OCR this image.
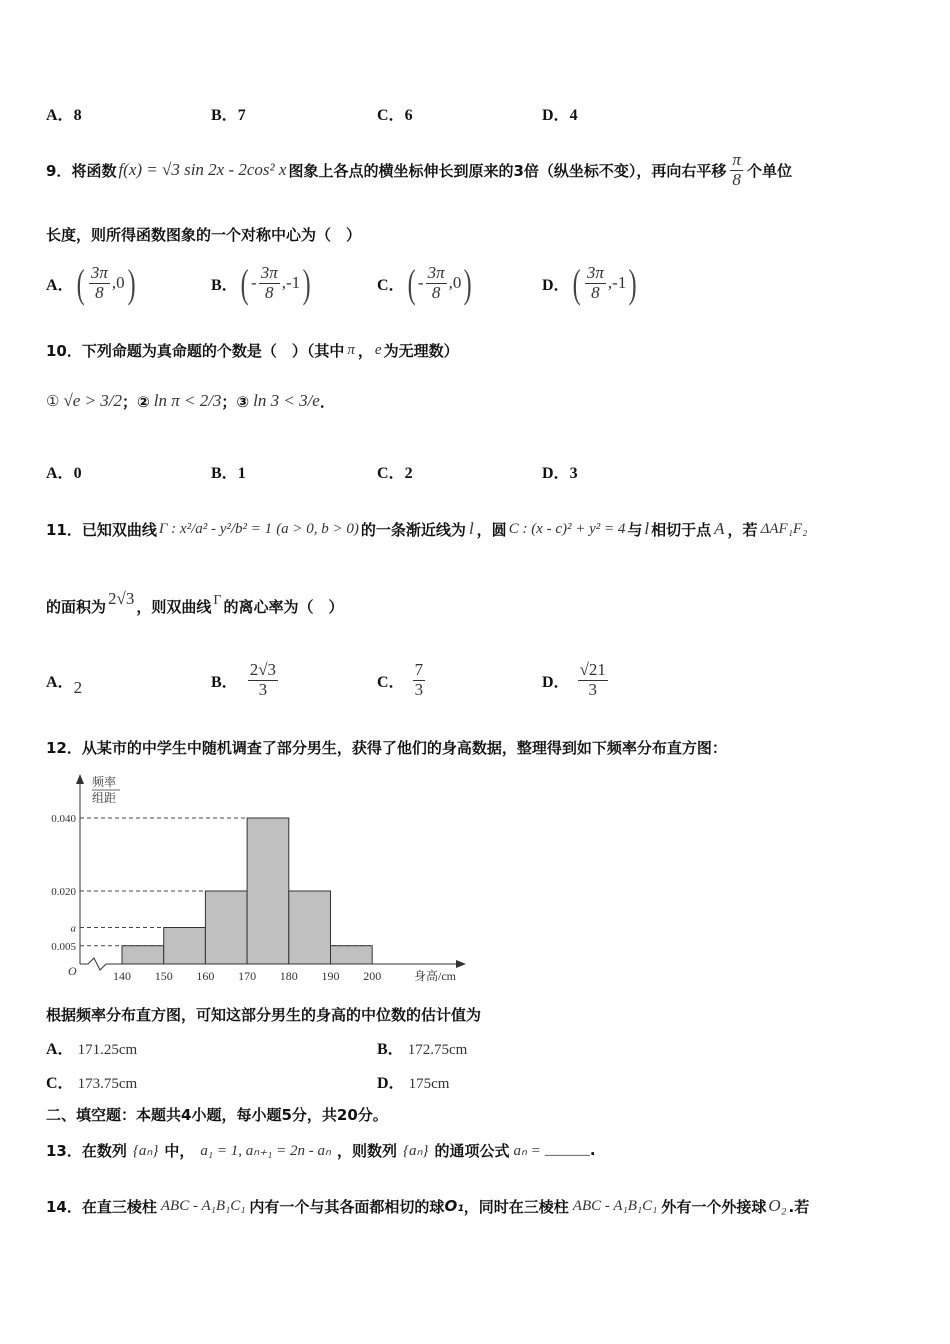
A．8	B．7	C．6	D．4
9． 将函数 f(x) = √3 sin 2x - 2cos² x 图象上各点的横坐标伸长到原来的3倍（纵坐标不变），再向右平移 $\frac{\pi}{8}$ 个单位
长度，则所得函数图象的一个对称中心为（　）
A． ( $\frac{3\pi}{8}$ , 0 )	B． ( - $\frac{3\pi}{8}$ , -1 )	C． ( - $\frac{3\pi}{8}$ , 0 )	D． ( $\frac{3\pi}{8}$ , -1 )
10． 下列命题为真命题的个数是（　）（其中 π ， e 为无理数）
① √e > 3/2 ；② ln π < 2/3 ；③ ln 3 < 3/e ．
A．0	B．1	C．2	D．3
11． 已知双曲线 Γ : x²/a² - y²/b² = 1 (a > 0, b > 0) 的一条渐近线为 l ，圆 C : (x - c)² + y² = 4 与 l 相切于点 A ，若 ΔAF₁F₂
的面积为 2√3 ，则双曲线 Γ 的离心率为（　）
A． 2	B． $\frac{2√3}{3}$	C． $\frac{7}{3}$	D． $\frac{√21}{3}$
12．从某市的中学生中随机调查了部分男生，获得了他们的身高数据，整理得到如下频率分布直方图：
O
频率
组距
身高/cm
0.040
0.020
a
0.005
140 150 160 170 180 190 200
根据频率分布直方图，可知这部分男生的身高的中位数的估计值为
A． 171.25cm	B． 172.75cm
C． 173.75cm	D． 175cm
二、填空题：本题共4小题，每小题5分，共20分。
13． 在数列 {aₙ} 中， a₁ = 1, aₙ₊₁ = 2n - aₙ ，则数列 {aₙ} 的通项公式 aₙ = ______ .
14． 在直三棱柱 ABC - A₁B₁C₁ 内有一个与其各面都相切的球 O₁ ，同时在三棱柱 ABC - A₁B₁C₁ 外有一个外接球 O₂ .若
